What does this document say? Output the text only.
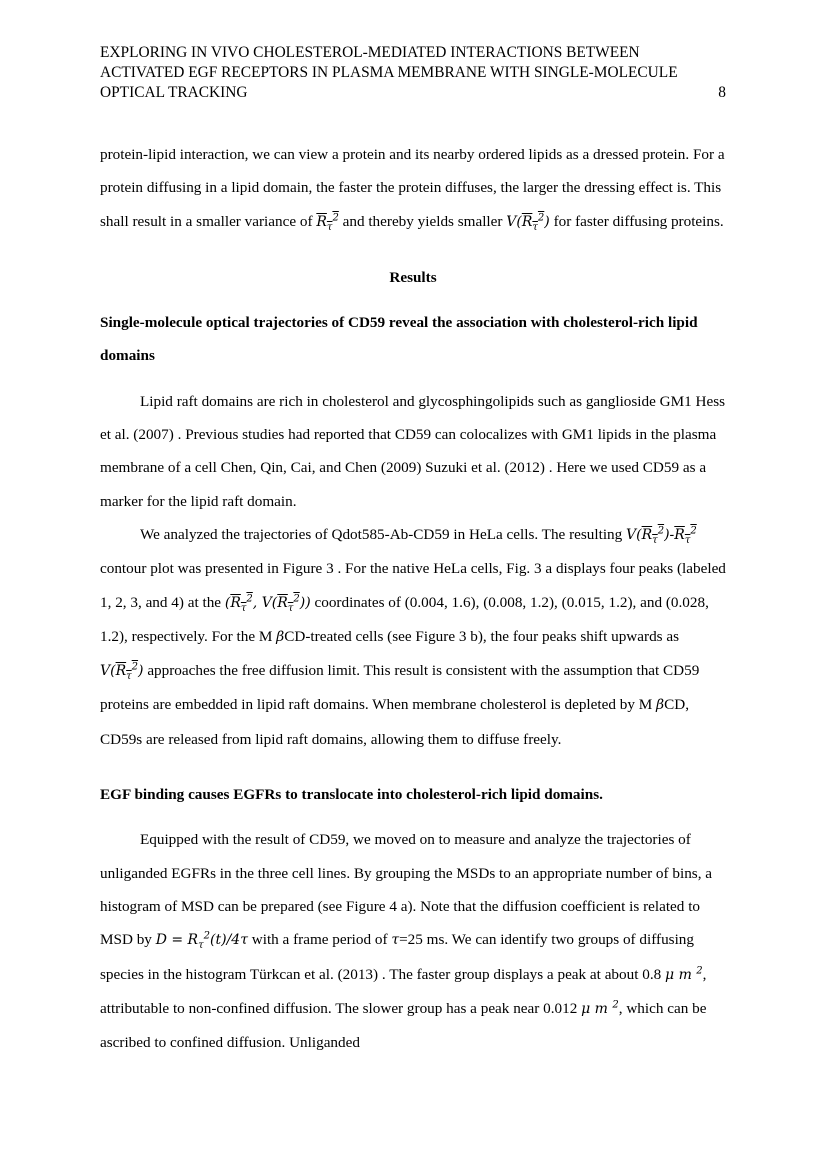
EXPLORING IN VIVO CHOLESTEROL-MEDIATED INTERACTIONS BETWEEN
ACTIVATED EGF RECEPTORS IN PLASMA MEMBRANE WITH SINGLE-MOLECULE
OPTICAL TRACKING	8

protein-lipid interaction, we can view a protein and its nearby ordered lipids as a dressed protein. For a protein diffusing in a lipid domain, the faster the protein diffuses, the larger the dressing effect is. This shall result in a smaller variance of $R_\tau^2$ and thereby yields smaller $V(R_\tau^2)$ for faster diffusing proteins.

Results

Single-molecule optical trajectories of CD59 reveal the association with cholesterol-rich lipid domains

Lipid raft domains are rich in cholesterol and glycosphingolipids such as ganglioside GM1 Hess et al. (2007) . Previous studies had reported that CD59 can colocalizes with GM1 lipids in the plasma membrane of a cell Chen, Qin, Cai, and Chen (2009) Suzuki et al. (2012) . Here we used CD59 as a marker for the lipid raft domain.

We analyzed the trajectories of Qdot585-Ab-CD59 in HeLa cells. The resulting $V(R_\tau^2)-R_\tau^2$ contour plot was presented in Figure 3 . For the native HeLa cells, Fig. 3 a displays four peaks (labeled 1, 2, 3, and 4) at the ($R_\tau^2$, $V(R_\tau^2)$) coordinates of (0.004, 1.6), (0.008, 1.2), (0.015, 1.2), and (0.028, 1.2), respectively. For the M βCD-treated cells (see Figure 3 b), the four peaks shift upwards as $V(R_\tau^2)$ approaches the free diffusion limit. This result is consistent with the assumption that CD59 proteins are embedded in lipid raft domains. When membrane cholesterol is depleted by M βCD, CD59s are released from lipid raft domains, allowing them to diffuse freely.

EGF binding causes EGFRs to translocate into cholesterol-rich lipid domains.

Equipped with the result of CD59, we moved on to measure and analyze the trajectories of unliganded EGFRs in the three cell lines. By grouping the MSDs to an appropriate number of bins, a histogram of MSD can be prepared (see Figure 4 a). Note that the diffusion coefficient is related to MSD by $D = R_\tau^2(t)/4\tau$ with a frame period of τ=25 ms. We can identify two groups of diffusing species in the histogram Türkcan et al. (2013) . The faster group displays a peak at about 0.8 μ m $^2$, attributable to non-confined diffusion. The slower group has a peak near 0.012 μ m $^2$, which can be ascribed to confined diffusion. Unliganded
